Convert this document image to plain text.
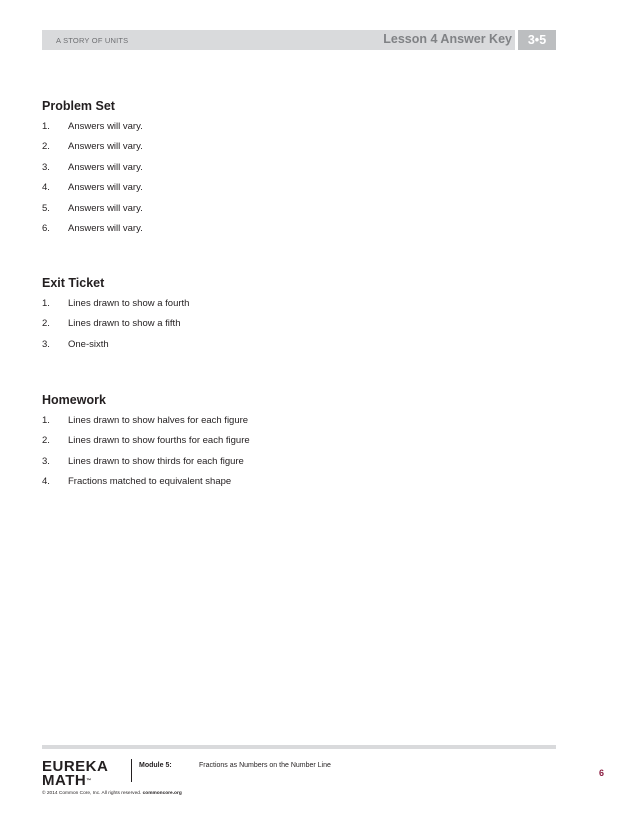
A STORY OF UNITS	Lesson 4 Answer Key	3•5
Problem Set
1. Answers will vary.
2. Answers will vary.
3. Answers will vary.
4. Answers will vary.
5. Answers will vary.
6. Answers will vary.
Exit Ticket
1. Lines drawn to show a fourth
2. Lines drawn to show a fifth
3. One-sixth
Homework
1. Lines drawn to show halves for each figure
2. Lines drawn to show fourths for each figure
3. Lines drawn to show thirds for each figure
4. Fractions matched to equivalent shape
EUREKA
MATH™
Module 5:	Fractions as Numbers on the Number Line
6
© 2014 Common Core, Inc. All rights reserved. commoncore.org
